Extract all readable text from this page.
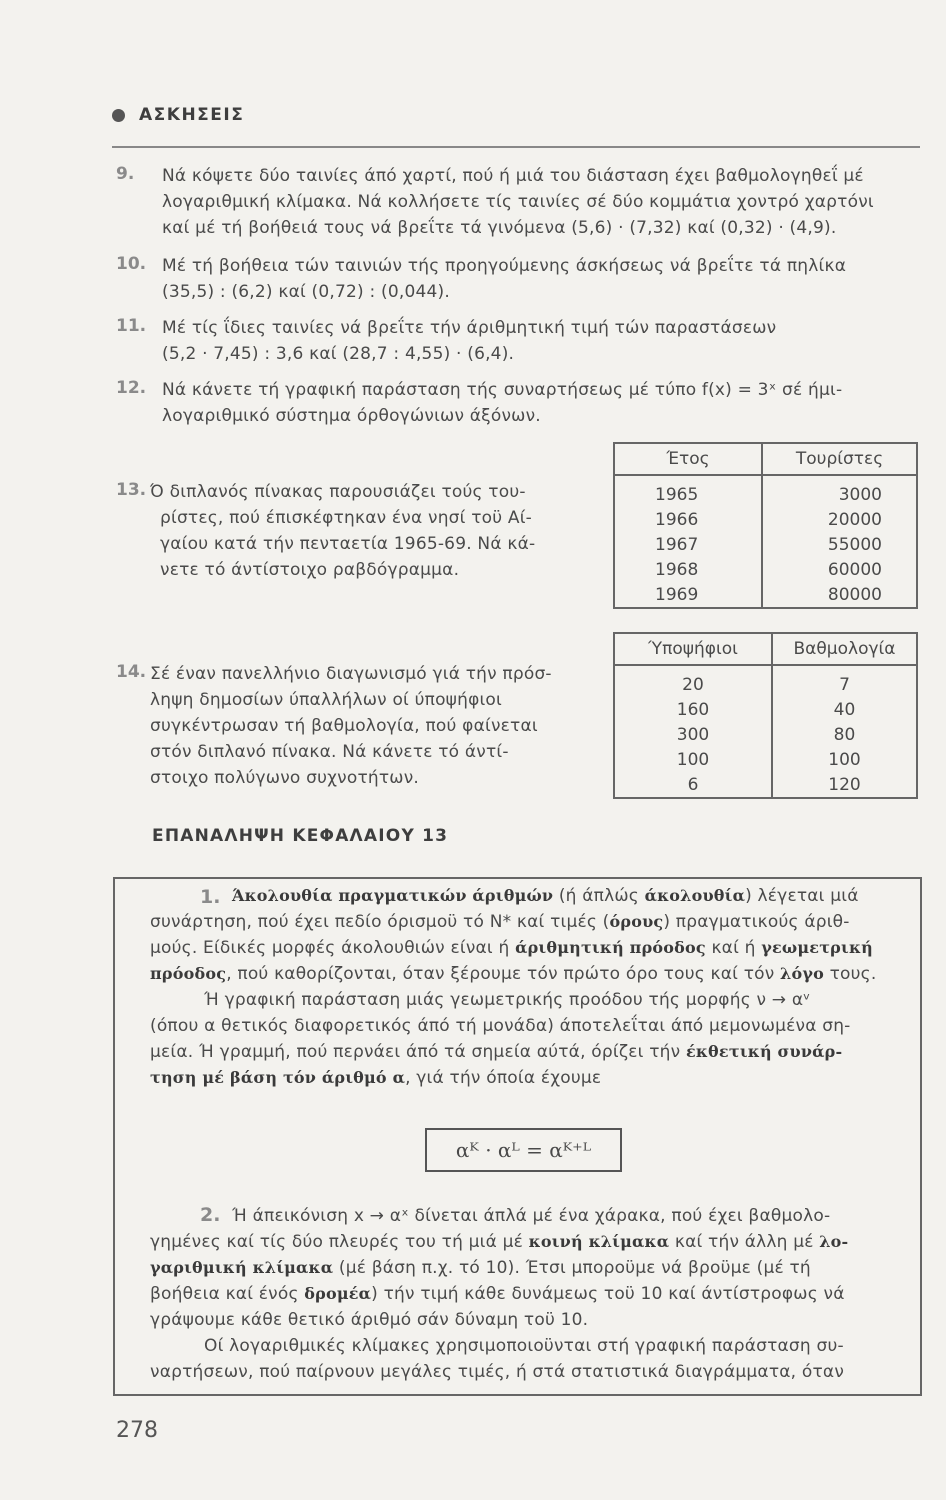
ΑΣΚΗΣΕΙΣ
9. Νά κόψετε δύο ταινίες άπό χαρτί, πού ή μιά του διάσταση έχει βαθμολογηθεΐ μέ
λογαριθμική κλίμακα. Νά κολλήσετε τίς ταινίες σέ δύο κομμάτια χοντρό χαρτόνι
καί μέ τή βοήθειά τους νά βρεΐτε τά γινόμενα (5,6) · (7,32) καί (0,32) · (4,9).
10. Μέ τή βοήθεια τών ταινιών τής προηγούμενης άσκήσεως νά βρεΐτε τά πηλίκα
(35,5) : (6,2) καί (0,72) : (0,044).
11. Μέ τίς ΐδιες ταινίες νά βρεΐτε τήν άριθμητική τιμή τών παραστάσεων
(5,2 · 7,45) : 3,6 καί (28,7 : 4,55) · (6,4).
12. Νά κάνετε τή γραφική παράσταση τής συναρτήσεως μέ τύπο f(x) = 3ˣ σέ ήμι-
λογαριθμικό σύστημα όρθογώνιων άξόνων.
13. Ό διπλανός πίνακας παρουσιάζει τούς του-
ρίστες, πού έπισκέφτηκαν ένα νησί τοϋ Αί-
γαίου κατά τήν πενταετία 1965-69. Νά κά-
νετε τό άντίστοιχο ραβδόγραμμα.
Έτος	Τουρίστες
1965	3000
1966	20000
1967	55000
1968	60000
1969	80000
14. Σέ έναν πανελλήνιο διαγωνισμό γιά τήν πρόσ-
ληψη δημοσίων ύπαλλήλων οί ύποψήφιοι
συγκέντρωσαν τή βαθμολογία, πού φαίνεται
στόν διπλανό πίνακα. Νά κάνετε τό άντί-
στοιχο πολύγωνο συχνοτήτων.
Ύποψήφιοι	Βαθμολογία
20	7
160	40
300	80
100	100
6	120
ΕΠΑΝΑΛΗΨΗ ΚΕΦΑΛΑΙΟΥ 13
1. Άκολουθία πραγματικών άριθμών (ή άπλώς άκολουθία) λέγεται μιά
συνάρτηση, πού έχει πεδίο όρισμοϋ τό Ν* καί τιμές (όρους) πραγματικούς άριθ-
μούς. Είδικές μορφές άκολουθιών είναι ή άριθμητική πρόοδος καί ή γεωμετρική
πρόοδος, πού καθορίζονται, όταν ξέρουμε τόν πρώτο όρο τους καί τόν λόγο τους.
Ή γραφική παράσταση μιάς γεωμετρικής προόδου τής μορφής ν → αᵛ
(όπου α θετικός διαφορετικός άπό τή μονάδα) άποτελεΐται άπό μεμονωμένα ση-
μεία. Ή γραμμή, πού περνάει άπό τά σημεία αύτά, όρίζει τήν έκθετική συνάρ-
τηση μέ βάση τόν άριθμό α, γιά τήν όποία έχουμε
αᴷ · αᴸ = αᴷ⁺ᴸ
2. Ή άπεικόνιση x → αˣ δίνεται άπλά μέ ένα χάρακα, πού έχει βαθμολο-
γημένες καί τίς δύο πλευρές του τή μιά μέ κοινή κλίμακα καί τήν άλλη μέ λο-
γαριθμική κλίμακα (μέ βάση π.χ. τό 10). Έτσι μποροϋμε νά βροϋμε (μέ τή
βοήθεια καί ένός δρομέα) τήν τιμή κάθε δυνάμεως τοϋ 10 καί άντίστροφως νά
γράψουμε κάθε θετικό άριθμό σάν δύναμη τοϋ 10.
Οί λογαριθμικές κλίμακες χρησιμοποιοϋνται στή γραφική παράσταση συ-
ναρτήσεων, πού παίρνουν μεγάλες τιμές, ή στά στατιστικά διαγράμματα, όταν
278
